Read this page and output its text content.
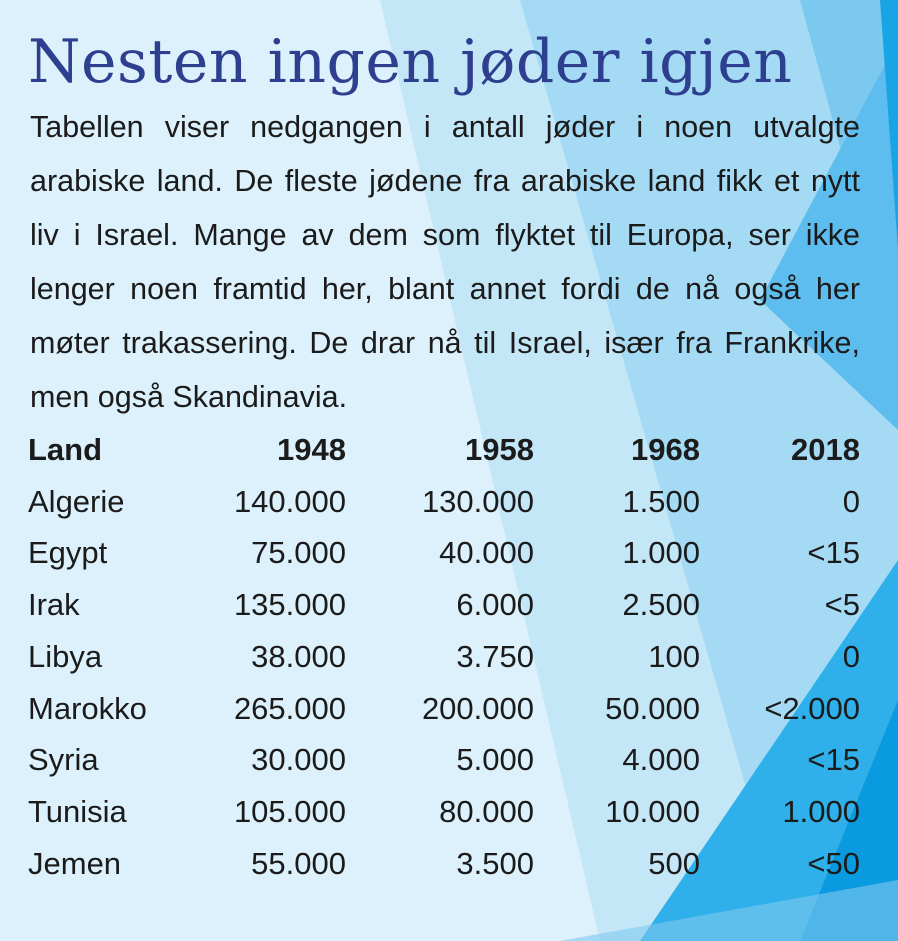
Nesten ingen jøder igjen

Tabellen viser nedgangen i antall jøder i noen utvalgte arabiske land. De fleste jødene fra arabiske land fikk et nytt liv i Israel. Mange av dem som flyktet til Europa, ser ikke lenger noen framtid her, blant annet fordi de nå også her møter trakassering. De drar nå til Israel, især fra Frankrike, men også Skandinavia.

Land	1948	1958	1968	2018
Algerie	140.000	130.000	1.500	0
Egypt	75.000	40.000	1.000	<15
Irak	135.000	6.000	2.500	<5
Libya	38.000	3.750	100	0
Marokko	265.000	200.000	50.000	<2.000
Syria	30.000	5.000	4.000	<15
Tunisia	105.000	80.000	10.000	1.000
Jemen	55.000	3.500	500	<50
